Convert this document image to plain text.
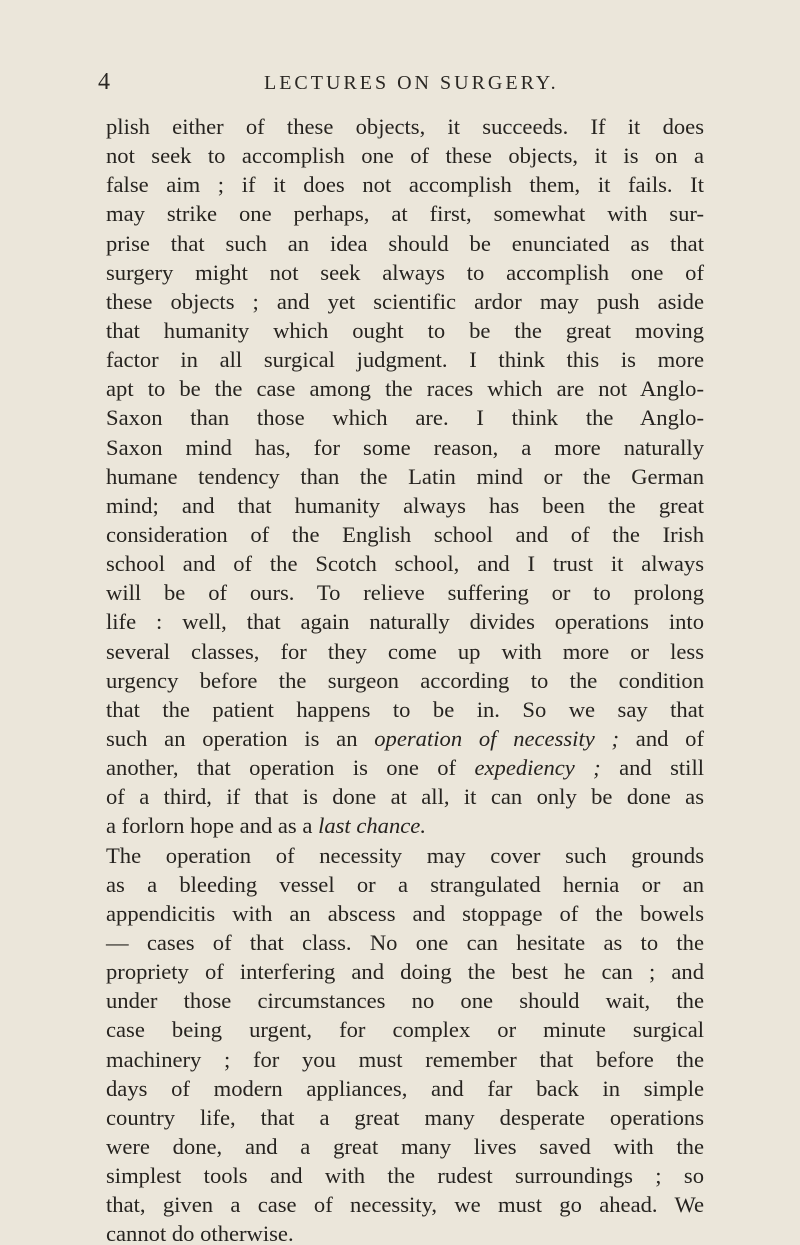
4	LECTURES ON SURGERY.
plish either of these objects, it succeeds. If it does
not seek to accomplish one of these objects, it is on a
false aim ; if it does not accomplish them, it fails. It
may strike one perhaps, at first, somewhat with sur-
prise that such an idea should be enunciated as that
surgery might not seek always to accomplish one of
these objects ; and yet scientific ardor may push aside
that humanity which ought to be the great moving
factor in all surgical judgment. I think this is more
apt to be the case among the races which are not Anglo-
Saxon than those which are. I think the Anglo-
Saxon mind has, for some reason, a more naturally
humane tendency than the Latin mind or the German
mind; and that humanity always has been the great
consideration of the English school and of the Irish
school and of the Scotch school, and I trust it always
will be of ours. To relieve suffering or to prolong
life : well, that again naturally divides operations into
several classes, for they come up with more or less
urgency before the surgeon according to the condition
that the patient happens to be in. So we say that
such an operation is an operation of necessity ; and of
another, that operation is one of expediency ; and still
of a third, if that is done at all, it can only be done as
a forlorn hope and as a last chance.
The operation of necessity may cover such grounds
as a bleeding vessel or a strangulated hernia or an
appendicitis with an abscess and stoppage of the bowels
— cases of that class. No one can hesitate as to the
propriety of interfering and doing the best he can ; and
under those circumstances no one should wait, the
case being urgent, for complex or minute surgical
machinery ; for you must remember that before the
days of modern appliances, and far back in simple
country life, that a great many desperate operations
were done, and a great many lives saved with the
simplest tools and with the rudest surroundings ; so
that, given a case of necessity, we must go ahead. We
cannot do otherwise.
